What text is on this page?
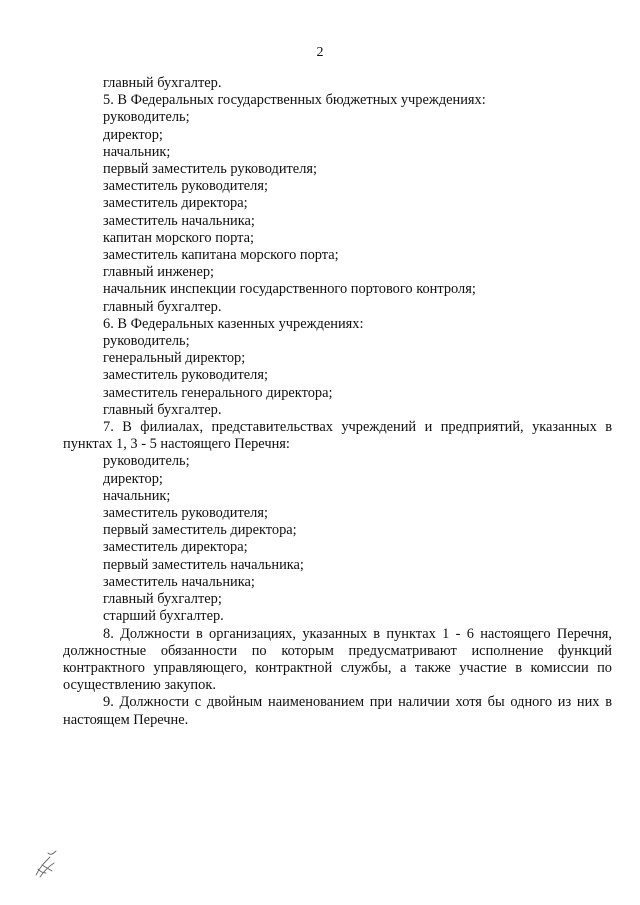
2
главный бухгалтер.
5. В Федеральных государственных бюджетных учреждениях:
руководитель;
директор;
начальник;
первый заместитель руководителя;
заместитель руководителя;
заместитель директора;
заместитель начальника;
капитан морского порта;
заместитель капитана морского порта;
главный инженер;
начальник инспекции государственного портового контроля;
главный бухгалтер.
6. В Федеральных казенных учреждениях:
руководитель;
генеральный директор;
заместитель руководителя;
заместитель генерального директора;
главный бухгалтер.
7. В филиалах, представительствах учреждений и предприятий, указанных в пунктах 1, 3 - 5 настоящего Перечня:
руководитель;
директор;
начальник;
заместитель руководителя;
первый заместитель директора;
заместитель директора;
первый заместитель начальника;
заместитель начальника;
главный бухгалтер;
старший бухгалтер.
8. Должности в организациях, указанных в пунктах 1 - 6 настоящего Перечня, должностные обязанности по которым предусматривают исполнение функций контрактного управляющего, контрактной службы, а также участие в комиссии по осуществлению закупок.
9. Должности с двойным наименованием при наличии хотя бы одного из них в настоящем Перечне.
